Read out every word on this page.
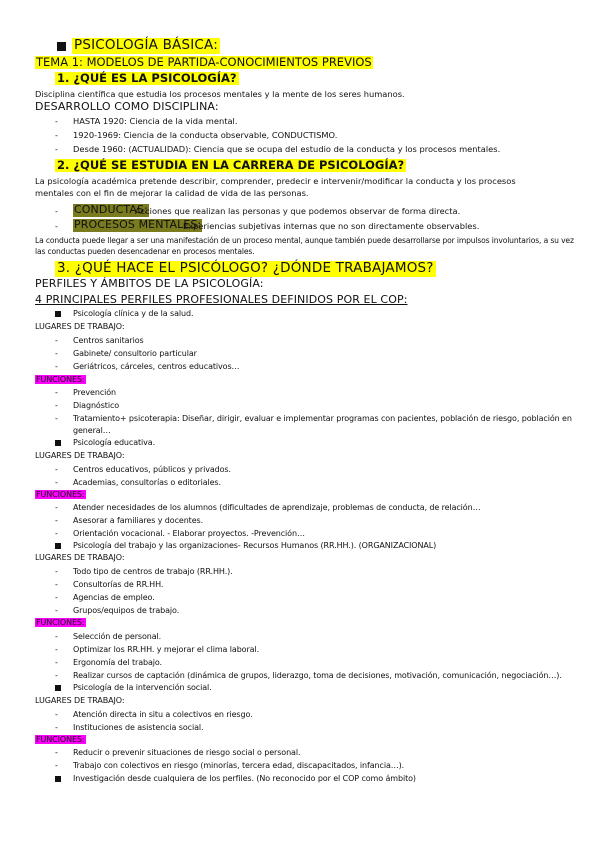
PSICOLOGÍA BÁSICA:
TEMA 1: MODELOS DE PARTIDA-CONOCIMIENTOS PREVIOS
1. ¿QUÉ ES LA PSICOLOGÍA?
Disciplina científica que estudia los procesos mentales y la mente de los seres humanos.
DESARROLLO COMO DISCIPLINA:
- HASTA 1920: Ciencia de la vida mental.
- 1920-1969: Ciencia de la conducta observable, CONDUCTISMO.
- Desde 1960: (ACTUALIDAD): Ciencia que se ocupa del estudio de la conducta y los procesos mentales.
2. ¿QUÉ SE ESTUDIA EN LA CARRERA DE PSICOLOGÍA?
La psicología académica pretende describir, comprender, predecir e intervenir/modificar la conducta y los procesos
mentales con el fin de mejorar la calidad de vida de las personas.
- CONDUCTAS:
Acciones que realizan las personas y que podemos observar de forma directa.
- PROCESOS MENTALES:
Experiencias subjetivas internas que no son directamente observables.
La conducta puede llegar a ser una manifestación de un proceso mental, aunque también puede desarrollarse por impulsos involuntarios, a su vez
las conductas pueden desencadenar en procesos mentales.
3. ¿QUÉ HACE EL PSICÓLOGO? ¿DÓNDE TRABAJAMOS?
PERFILES Y ÁMBITOS DE LA PSICOLOGÍA:
4 PRINCIPALES PERFILES PROFESIONALES DEFINIDOS POR EL COP:
Psicología clínica y de la salud.
LUGARES DE TRABAJO:
- Centros sanitarios
- Gabinete/ consultorio particular
- Geriátricos, cárceles, centros educativos…
FUNCIONES:
- Prevención
- Diagnóstico
- Tratamiento+ psicoterapia: Diseñar, dirigir, evaluar e implementar programas con pacientes, población de riesgo, población en
general…
Psicología educativa.
LUGARES DE TRABAJO:
- Centros educativos, públicos y privados.
- Academias, consultorías o editoriales.
FUNCIONES:
- Atender necesidades de los alumnos (dificultades de aprendizaje, problemas de conducta, de relación…
- Asesorar a familiares y docentes.
- Orientación vocacional. - Elaborar proyectos. -Prevención…
Psicología del trabajo y las organizaciones- Recursos Humanos (RR.HH.). (ORGANIZACIONAL)
LUGARES DE TRABAJO:
- Todo tipo de centros de trabajo (RR.HH.).
- Consultorías de RR.HH.
- Agencias de empleo.
- Grupos/equipos de trabajo.
FUNCIONES:
- Selección de personal.
- Optimizar los RR.HH. y mejorar el clima laboral.
- Ergonomía del trabajo.
- Realizar cursos de captación (dinámica de grupos, liderazgo, toma de decisiones, motivación, comunicación, negociación…).
Psicología de la intervención social.
LUGARES DE TRABAJO:
- Atención directa in situ a colectivos en riesgo.
- Instituciones de asistencia social.
FUNCIONES:
- Reducir o prevenir situaciones de riesgo social o personal.
- Trabajo con colectivos en riesgo (minorías, tercera edad, discapacitados, infancia…).
Investigación desde cualquiera de los perfiles. (No reconocido por el COP como ámbito)
